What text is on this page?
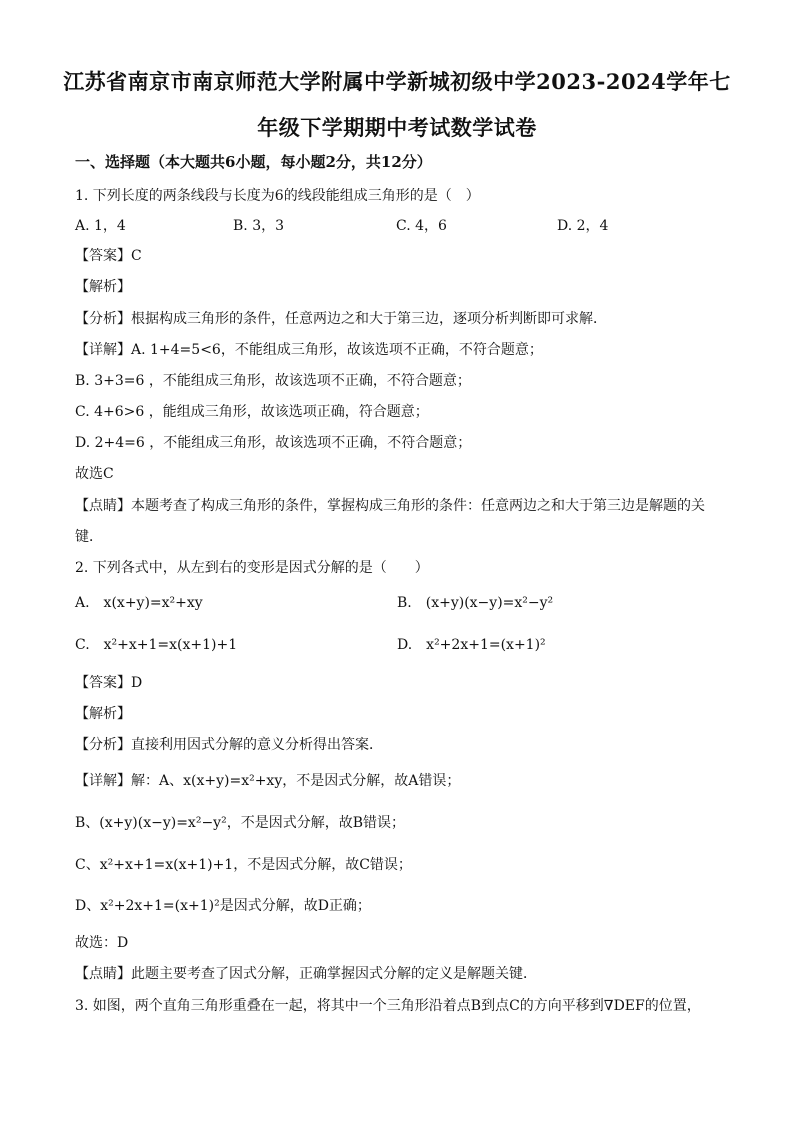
江苏省南京市南京师范大学附属中学新城初级中学2023-2024学年七
年级下学期期中考试数学试卷
一、选择题（本大题共6小题，每小题2分，共12分）
1. 下列长度的两条线段与长度为6的线段能组成三角形的是（　）
A. 1，4	B. 3，3	C. 4，6	D. 2，4
【答案】C
【解析】
【分析】根据构成三角形的条件，任意两边之和大于第三边，逐项分析判断即可求解．
【详解】A. 1+4=5<6，不能组成三角形，故该选项不正确，不符合题意；
B. 3+3=6 ，不能组成三角形，故该选项不正确，不符合题意；
C. 4+6>6 ，能组成三角形，故该选项正确，符合题意；
D. 2+4=6 ，不能组成三角形，故该选项不正确，不符合题意；
故选C
【点睛】本题考查了构成三角形的条件，掌握构成三角形的条件：任意两边之和大于第三边是解题的关
键．
2. 下列各式中，从左到右的变形是因式分解的是（　　）
A.　x(x+y)=x²+xy	B.　(x+y)(x−y)=x²−y²
C.　x²+x+1=x(x+1)+1	D.　x²+2x+1=(x+1)²
【答案】D
【解析】
【分析】直接利用因式分解的意义分析得出答案．
【详解】解：A、x(x+y)=x²+xy，不是因式分解，故A错误；
B、(x+y)(x−y)=x²−y²，不是因式分解，故B错误；
C、x²+x+1=x(x+1)+1，不是因式分解，故C错误；
D、x²+2x+1=(x+1)²是因式分解，故D正确；
故选：D
【点睛】此题主要考查了因式分解，正确掌握因式分解的定义是解题关键．
3. 如图，两个直角三角形重叠在一起，将其中一个三角形沿着点B到点C的方向平移到∇DEF的位置，
